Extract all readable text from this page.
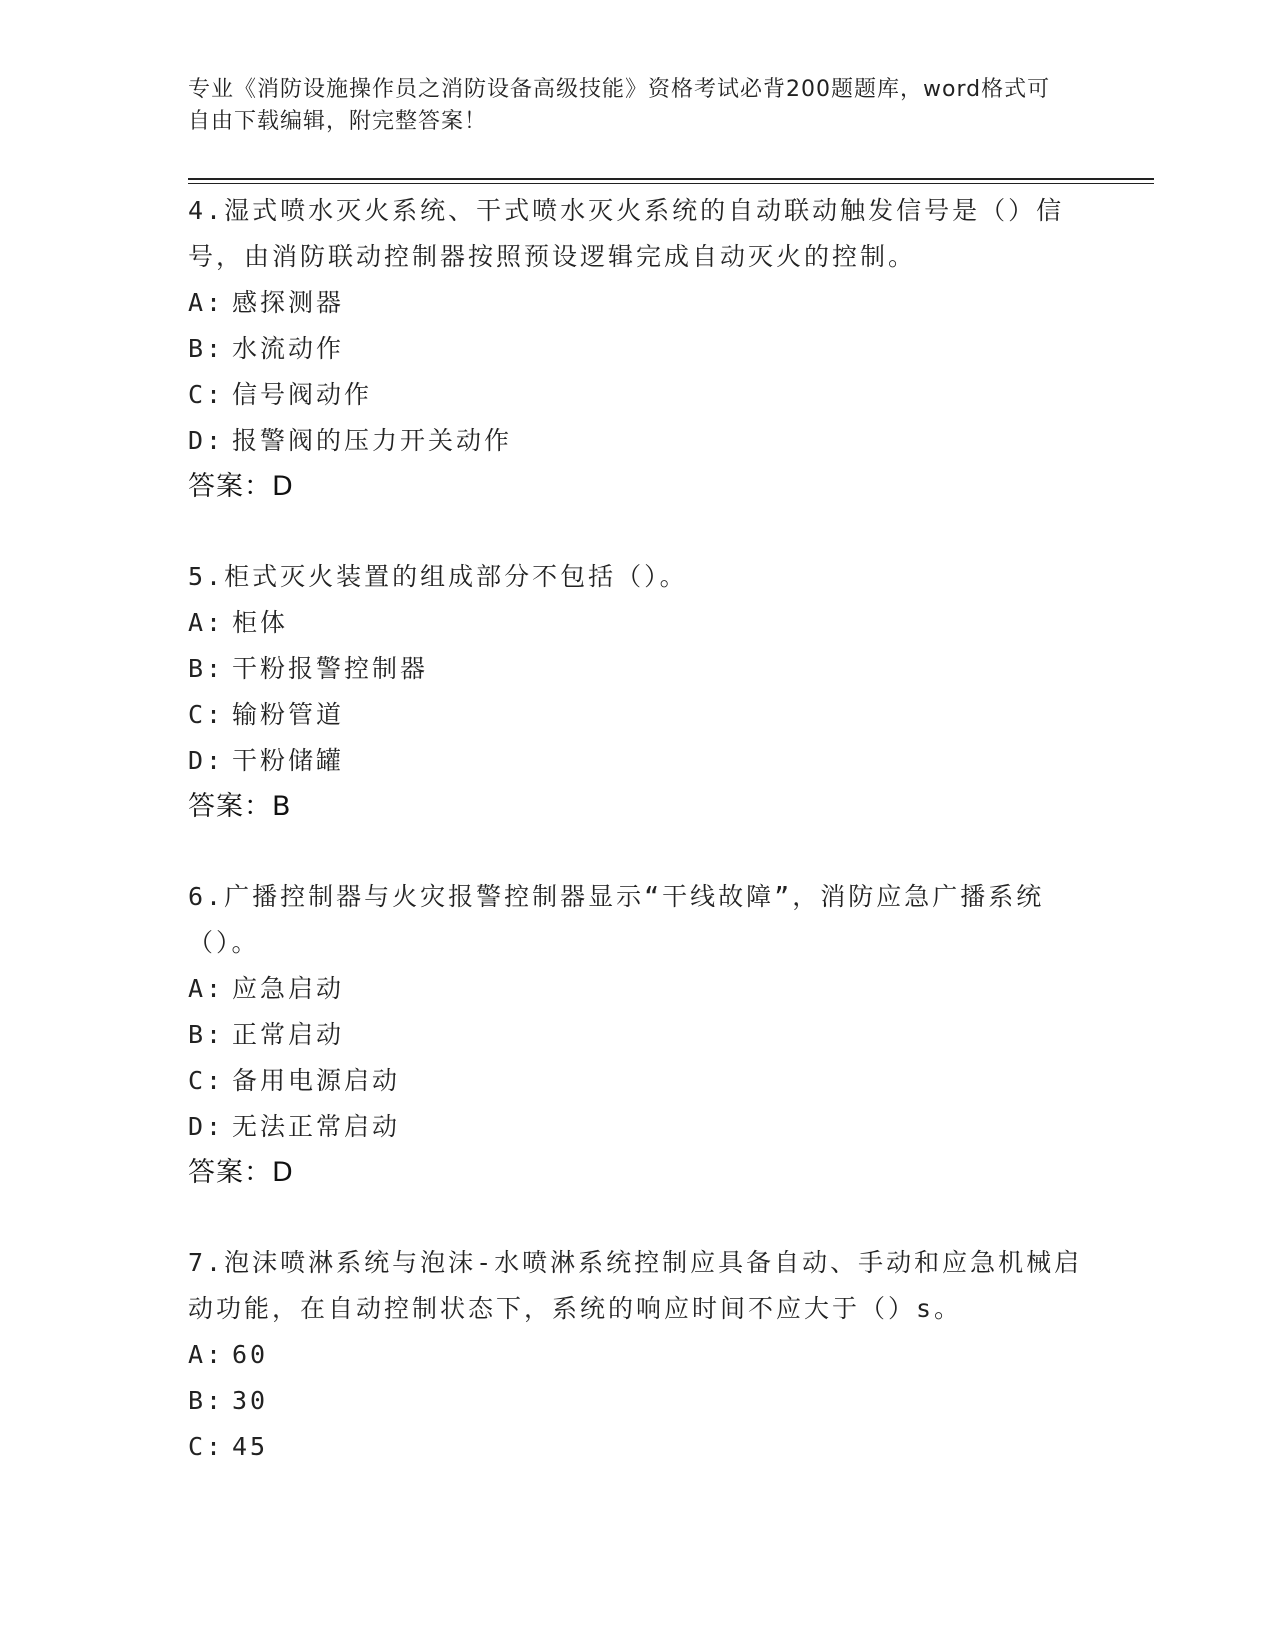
专业《消防设施操作员之消防设备高级技能》资格考试必背200题题库，word格式可自由下载编辑，附完整答案！
4.湿式喷水灭火系统、干式喷水灭火系统的自动联动触发信号是（）信号，由消防联动控制器按照预设逻辑完成自动灭火的控制。
A: 感探测器
B: 水流动作
C: 信号阀动作
D: 报警阀的压力开关动作
答案：D
5.柜式灭火装置的组成部分不包括（）。
A: 柜体
B: 干粉报警控制器
C: 输粉管道
D: 干粉储罐
答案：B
6.广播控制器与火灾报警控制器显示“干线故障”，消防应急广播系统（）。
A: 应急启动
B: 正常启动
C: 备用电源启动
D: 无法正常启动
答案：D
7.泡沫喷淋系统与泡沫-水喷淋系统控制应具备自动、手动和应急机械启动功能，在自动控制状态下，系统的响应时间不应大于（）s。
A: 60
B: 30
C: 45
